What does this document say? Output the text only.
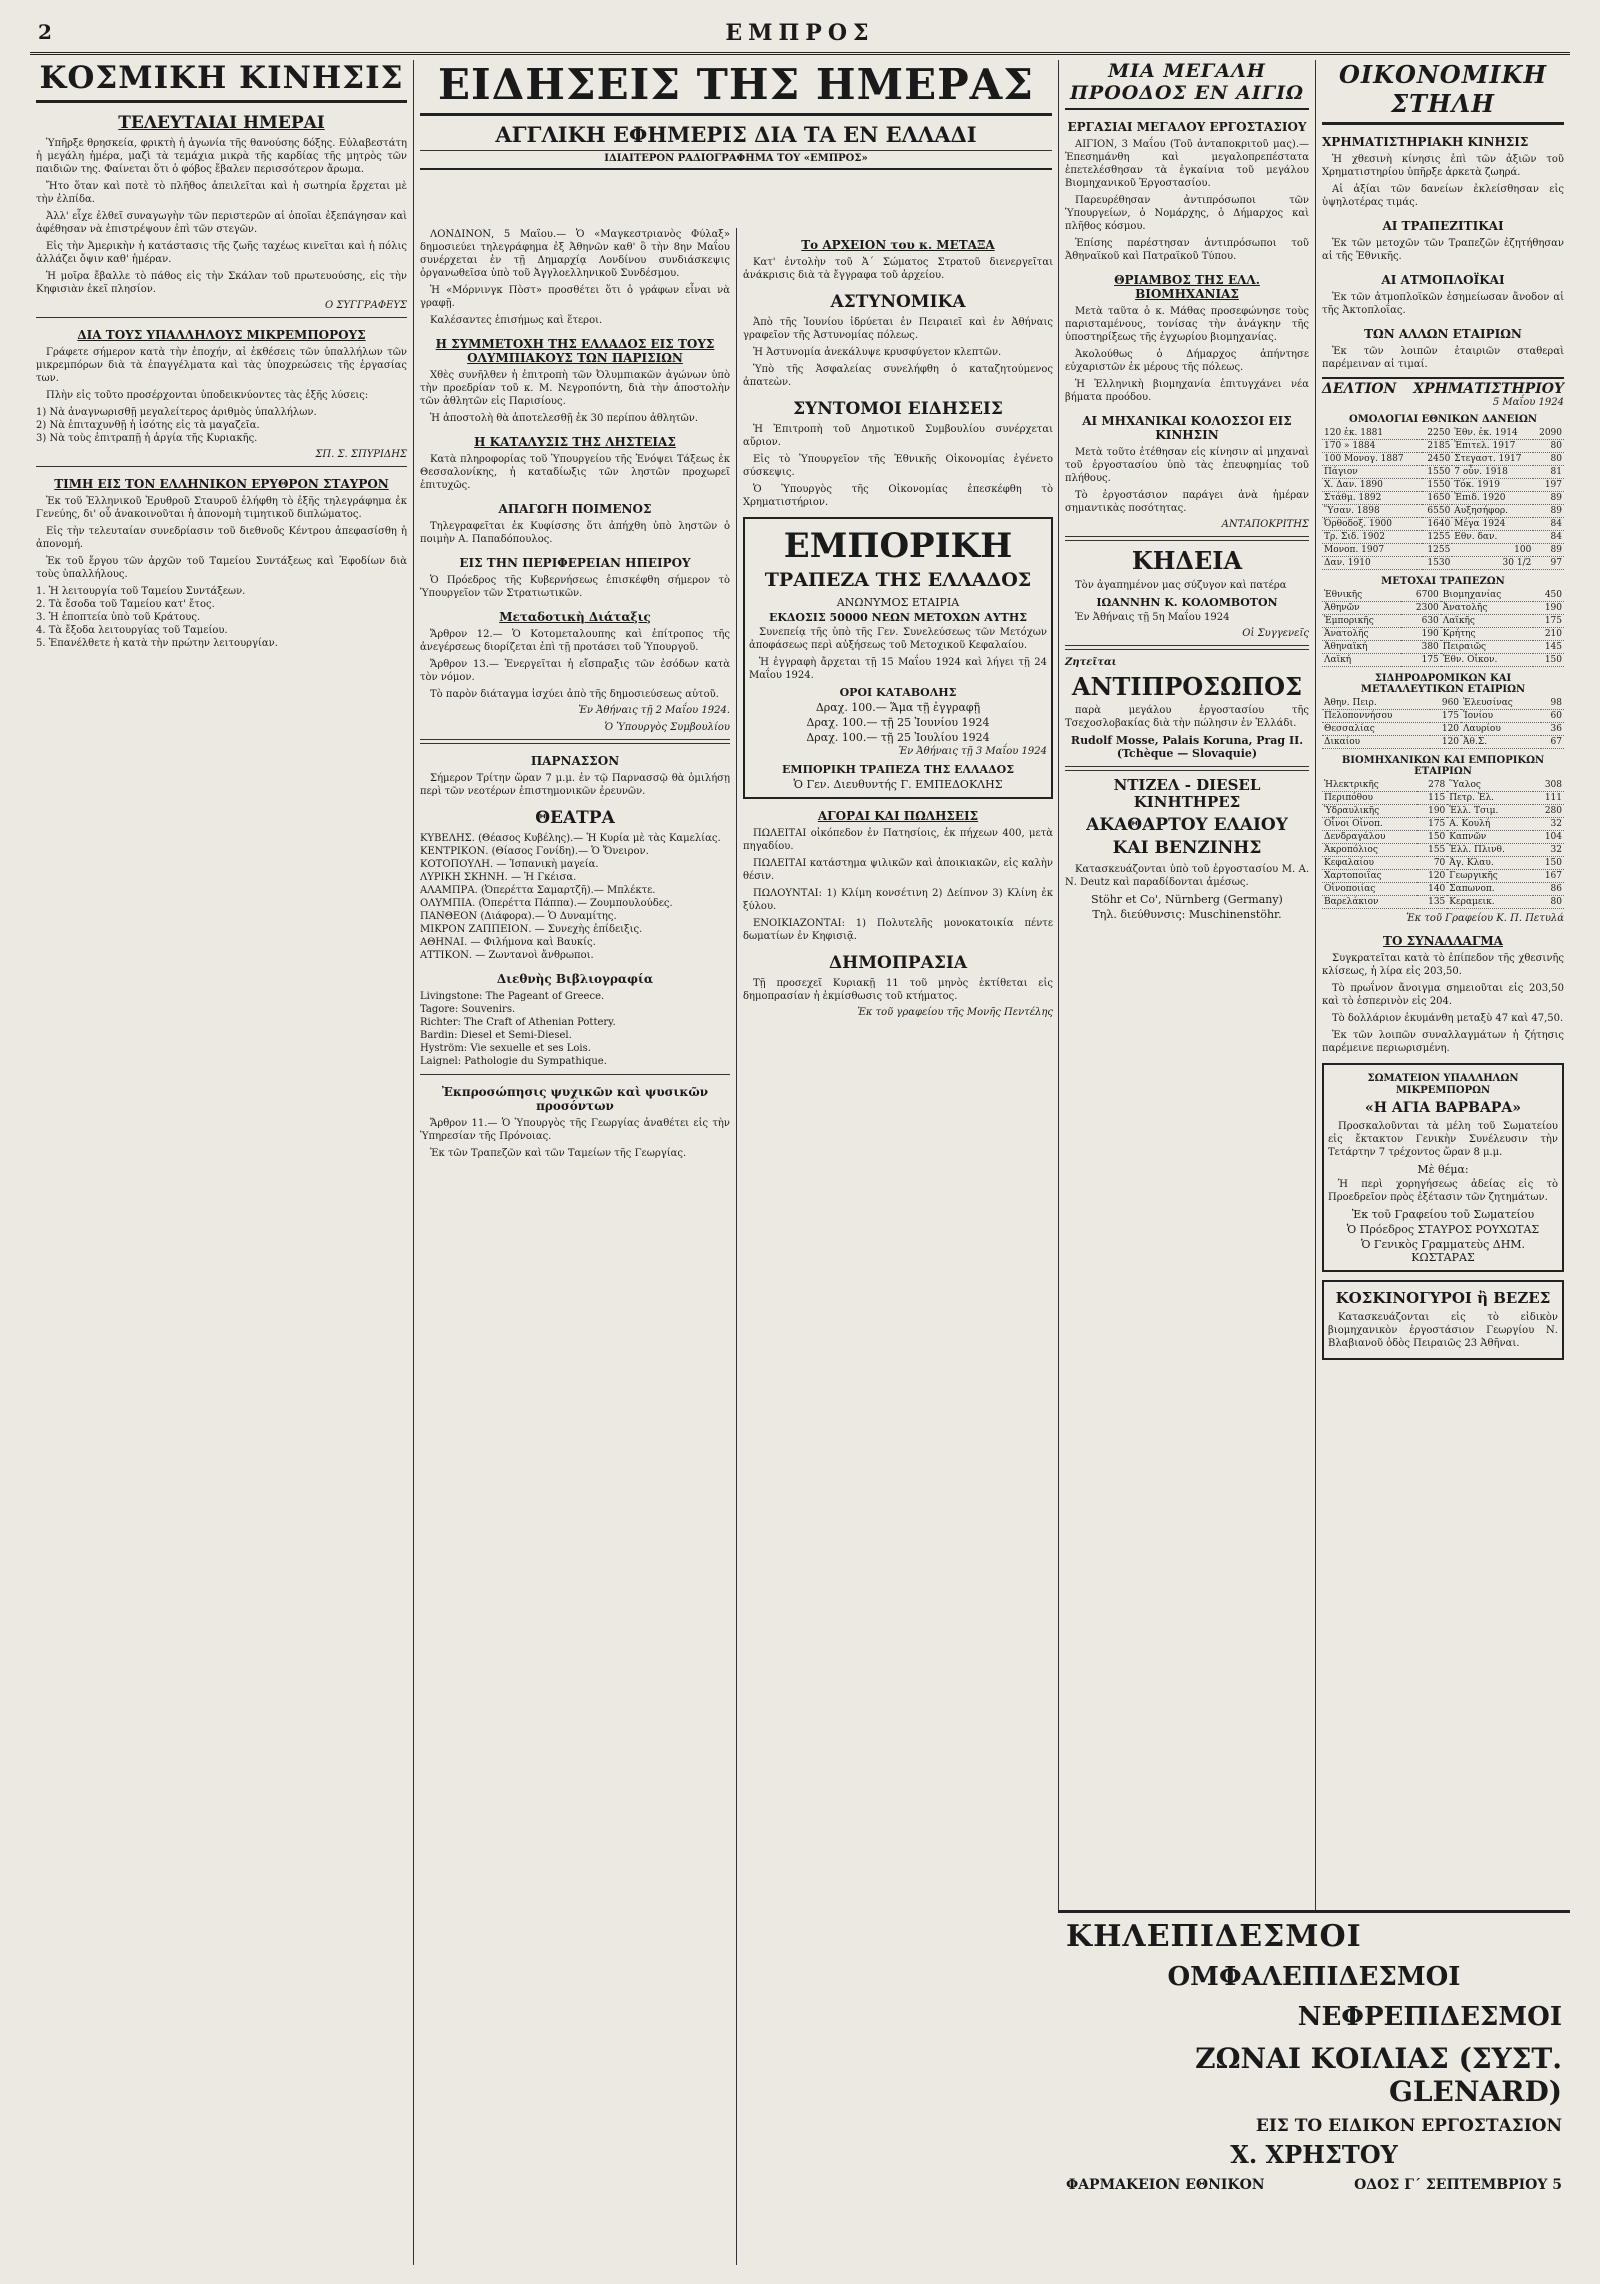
2	ΕΜΠΡΟΣ
ΚΟΣΜΙΚΗ ΚΙΝΗΣΙΣ
ΤΕΛΕΥΤΑΙΑΙ ΗΜΕΡΑΙ

Ὑπῆρξε θρησκεία, φρικτὴ ἡ ἀγωνία τῆς θανούσης δόξης. Εὐλαβεστάτη ἡ μεγάλη ἡμέρα, μαζὶ τὰ τεμάχια μικρὰ τῆς καρδίας τῆς μητρὸς τῶν παιδιῶν της. Φαίνεται ὅτι ὁ φόβος ἔβαλεν περισσότερον ἄρωμα.

Ἤτο ὅταν καὶ ποτὲ τὸ πλῆθος ἀπειλεῖται καὶ ἡ σωτηρία ἔρχεται μὲ τὴν ἐλπίδα.

Ἀλλ' εἶχε ἐλθεῖ συναγωγὴν τῶν περιστερῶν αἱ ὁποῖαι ἐξεπάγησαν καὶ ἀφέθησαν νὰ ἐπιστρέψουν ἐπὶ τῶν στεγῶν.

Εἰς τὴν Ἀμερικὴν ἡ κατάστασις τῆς ζωῆς ταχέως κινεῖται καὶ ἡ πόλις ἀλλάζει ὄψιν καθ' ἡμέραν.

Ἡ μοῖρα ἔβαλλε τὸ πάθος εἰς τὴν Σκάλαν τοῦ πρωτευούσης, εἰς τὴν Κηφισιὰν ἐκεῖ πλησίον.

Ο ΣΥΓΓΡΑΦΕΥΣ
ΔΙΑ ΤΟΥΣ ΥΠΑΛΛΗΛΟΥΣ ΜΙΚΡΕΜΠΟΡΟΥΣ

Γράφετε σήμερον κατὰ τὴν ἐποχήν, αἱ ἐκθέσεις τῶν ὑπαλλήλων τῶν μικρεμπόρων διὰ τὰ ἐπαγγέλματα καὶ τὰς ὑποχρεώσεις τῆς ἐργασίας των.

Πλὴν εἰς τοῦτο προσέρχονται ὑποδεικνύοντες τὰς ἐξῆς λύσεις:

1) Νὰ ἀναγνωρισθῇ μεγαλείτερος ἀριθμὸς ὑπαλλήλων.
2) Νὰ ἐπιταχυνθῇ ἡ ἰσότης εἰς τὰ μαγαζεῖα.
3) Νὰ τοὺς ἐπιτραπῇ ἡ ἀργία τῆς Κυριακῆς.
ΣΠ. Σ. ΣΠΥΡΙΔΗΣ
ΤΙΜΗ ΕΙΣ ΤΟΝ ΕΛΛΗΝΙΚΟΝ ΕΡΥΘΡΟΝ ΣΤΑΥΡΟΝ

Ἐκ τοῦ Ἑλληνικοῦ Ἐρυθροῦ Σταυροῦ ἐλήφθη τὸ ἐξῆς τηλεγράφημα ἐκ Γενεύης, δι' οὗ ἀνακοινοῦται ἡ ἀπονομὴ τιμητικοῦ διπλώματος.

Εἰς τὴν τελευταίαν συνεδρίασιν τοῦ διεθνοῦς Κέντρου ἀπεφασίσθη ἡ ἀπονομή.

Ἐκ τοῦ ἔργου τῶν ἀρχῶν τοῦ Ταμείου Συντάξεως καὶ Ἐφοδίων διὰ τοὺς ὑπαλλήλους.

1. Ἡ λειτουργία τοῦ Ταμείου Συντάξεων.
2. Τὰ ἔσοδα τοῦ Ταμείου κατ' ἔτος.
3. Ἡ ἐποπτεία ὑπὸ τοῦ Κράτους.
4. Τὰ ἔξοδα λειτουργίας τοῦ Ταμείου.
5. Ἐπανέλθετε ἡ κατὰ τὴν πρώτην λειτουργίαν.
ΕΙΔΗΣΕΙΣ ΤΗΣ ΗΜΕΡΑΣ
ΑΓΓΛΙΚΗ ΕΦΗΜΕΡΙΣ ΔΙΑ ΤΑ ΕΝ ΕΛΛΑΔΙ
ΙΔΙΑΙΤΕΡΟΝ ΡΑΔΙΟΓΡΑΦΗΜΑ ΤΟΥ «ΕΜΠΡΟΣ»

ΛΟΝΔΙΝΟΝ, 5 Μαΐου.— Ὁ «Μαγκεστριανὸς Φύλαξ» δημοσιεύει τηλεγράφημα ἐξ Ἀθηνῶν καθ' ὃ τὴν 8ην Μαΐου συνέρχεται ἐν τῇ Δημαρχίᾳ Λονδίνου συνδιάσκεψις ὀργανωθεῖσα ὑπὸ τοῦ Ἀγγλοελληνικοῦ Συνδέσμου.

Ἡ «Μόρνινγκ Πὸστ» προσθέτει ὅτι ὁ γράφων εἶναι νὰ γραφῇ.

Καλέσαντες ἐπισήμως καὶ ἕτεροι.

Η ΣΥΜΜΕΤΟΧΗ ΤΗΣ ΕΛΛΑΔΟΣ ΕΙΣ ΤΟΥΣ ΟΛΥΜΠΙΑΚΟΥΣ ΤΩΝ ΠΑΡΙΣΙΩΝ

Χθὲς συνῆλθεν ἡ ἐπιτροπὴ τῶν Ὀλυμπιακῶν ἀγώνων ὑπὸ τὴν προεδρίαν τοῦ κ. Μ. Νεγροπόντη, διὰ τὴν ἀποστολὴν τῶν ἀθλητῶν εἰς Παρισίους.

Ἡ ἀποστολὴ θὰ ἀποτελεσθῇ ἐκ 30 περίπου ἀθλητῶν.

Η ΚΑΤΑΛΥΣΙΣ ΤΗΣ ΛΗΣΤΕΙΑΣ

Κατὰ πληροφορίας τοῦ Ὑπουργείου τῆς Ἐνόψει Τάξεως ἐκ Θεσσαλονίκης, ἡ καταδίωξις τῶν ληστῶν προχωρεῖ ἐπιτυχῶς.

ΑΠΑΓΩΓΗ ΠΟΙΜΕΝΟΣ

Τηλεγραφεῖται ἐκ Κυφίσσης ὅτι ἀπήχθη ὑπὸ ληστῶν ὁ ποιμὴν Α. Παπαδόπουλος.

ΕΙΣ ΤΗΝ ΠΕΡΙΦΕΡΕΙΑΝ ΗΠΕΙΡΟΥ

Ὁ Πρόεδρος τῆς Κυβερνήσεως ἐπισκέφθη σήμερον τὸ Ὑπουργεῖον τῶν Στρατιωτικῶν.

Μεταδοτικὴ Διάταξις

Ἄρθρον 12.— Ὁ Κοτομεταλουπης καὶ ἐπίτροπος τῆς ἀνεγέρσεως διορίζεται ἐπὶ τῇ προτάσει τοῦ Ὑπουργοῦ.

Ἄρθρον 13.— Ἐνεργεῖται ἡ εἴσπραξις τῶν ἐσόδων κατὰ τὸν νόμον.

Τὸ παρὸν διάταγμα ἰσχύει ἀπὸ τῆς δημοσιεύσεως αὐτοῦ.

Ἐν Ἀθήναις τῇ 2 Μαΐου 1924.
Ὁ Ὑπουργὸς Συμβουλίου
ΠΑΡΝΑΣΣΟΝ

Σήμερον Τρίτην ὥραν 7 μ.μ. ἐν τῷ Παρνασσῷ θὰ ὁμιλήσῃ περὶ τῶν νεοτέρων ἐπιστημονικῶν ἐρευνῶν.

ΘΕΑΤΡΑ
ΚΥΒΕΛΗΣ. (Θέασος Κυβέλης).— Ἡ Κυρία μὲ τὰς Καμελίας.
ΚΕΝΤΡΙΚΟΝ. (Θίασος Γονίδη).— Ὁ Ὄνειρον.
ΚΟΤΟΠΟΥΛΗ. — Ἰσπανικὴ μαγεία.
ΛΥΡΙΚΗ ΣΚΗΝΗ. — Ἡ Γκέισα.
ΑΛΑΜΠΡΑ. (Ὀπερέττα Σαμαρτζῆ).— Μπλέκτε.
ΟΛΥΜΠΙΑ. (Ὀπερέττα Πάππα).— Ζουμπουλούδες.
ΠΑΝΘΕΟΝ (Διάφορα).— Ὁ Δυναμίτης.
ΜΙΚΡΟΝ ΖΑΠΠΕΙΟΝ. — Συνεχὴς ἐπίδειξις.
ΑΘΗΝΑΙ. — Φιλήμονα καὶ Βαυκίς.
ΑΤΤΙΚΟΝ. — Ζωντανοὶ ἄνθρωποι.
Διεθνὴς Βιβλιογραφία
Livingstone: The Pageant of Greece.
Tagore: Souvenirs.
Richter: The Craft of Athenian Pottery.
Bardin: Diesel et Semi-Diesel.
Hyström: Vie sexuelle et ses Lois.
Laignel: Pathologie du Sympathique.
Ἐκπροσώπησις ψυχικῶν καὶ ψυσικῶν προσόντων

Ἄρθρον 11.— Ὁ Ὑπουργὸς τῆς Γεωργίας ἀναθέτει εἰς τὴν Ὑπηρεσίαν τῆς Πρόνοιας.

Ἐκ τῶν Τραπεζῶν καὶ τῶν Ταμείων τῆς Γεωργίας.

Το ΑΡΧΕΙΟΝ του κ. ΜΕΤΑΞΑ

Κατ' ἐντολὴν τοῦ Ἀ΄ Σώματος Στρατοῦ διενεργεῖται ἀνάκρισις διὰ τὰ ἔγγραφα τοῦ ἀρχείου.

ΑΣΤΥΝΟΜΙΚΑ

Ἀπὸ τῆς Ἰουνίου ἰδρύεται ἐν Πειραιεῖ καὶ ἐν Ἀθήναις γραφεῖον τῆς Ἀστυνομίας πόλεως.

Ἡ Ἀστυνομία ἀνεκάλυψε κρυσφύγετον κλεπτῶν.

Ὑπὸ τῆς Ἀσφαλείας συνελήφθη ὁ καταζητούμενος ἀπατεὼν.

ΣΥΝΤΟΜΟΙ ΕΙΔΗΣΕΙΣ

Ἡ Ἐπιτροπὴ τοῦ Δημοτικοῦ Συμβουλίου συνέρχεται αὔριον.

Εἰς τὸ Ὑπουργεῖον τῆς Ἐθνικῆς Οἰκονομίας ἐγένετο σύσκεψις.

Ὁ Ὑπουργὸς τῆς Οἰκονομίας ἐπεσκέφθη τὸ Χρηματιστήριον.

ΕΜΠΟΡΙΚΗ
ΤΡΑΠΕΖΑ ΤΗΣ ΕΛΛΑΔΟΣ
ΑΝΩΝΥΜΟΣ ΕΤΑΙΡΙΑ
ΕΚΔΟΣΙΣ 50000 ΝΕΩΝ ΜΕΤΟΧΩΝ ΑΥΤΗΣ

Συνεπείᾳ τῆς ὑπὸ τῆς Γεν. Συνελεύσεως τῶν Μετόχων ἀποφάσεως περὶ αὐξήσεως τοῦ Μετοχικοῦ Κεφαλαίου.

Ἡ ἐγγραφὴ ἄρχεται τῇ 15 Μαΐου 1924 καὶ λήγει τῇ 24 Μαΐου 1924.

ΟΡΟΙ ΚΑΤΑΒΟΛΗΣ
Δραχ. 100.— Ἅμα τῇ ἐγγραφῇ
Δραχ. 100.— τῇ 25 Ἰουνίου 1924
Δραχ. 100.— τῇ 25 Ἰουλίου 1924
Ἐν Ἀθήναις τῇ 3 Μαΐου 1924
ΕΜΠΟΡΙΚΗ ΤΡΑΠΕΖΑ ΤΗΣ ΕΛΛΑΔΟΣ
Ὁ Γεν. Διευθυντής Γ. ΕΜΠΕΔΟΚΛΗΣ
ΑΓΟΡΑΙ ΚΑΙ ΠΩΛΗΣΕΙΣ

ΠΩΛΕΙΤΑΙ οἰκόπεδον ἐν Πατησίοις, ἐκ πήχεων 400, μετὰ πηγαδίου.

ΠΩΛΕΙΤΑΙ κατάστημα ψιλικῶν καὶ ἀποικιακῶν, εἰς καλὴν θέσιν.

ΠΩΛΟΥΝΤΑΙ: 1) Κλίμη κονσέτινη 2) Δείπνον 3) Κλίνη ἐκ ξύλου.

ΕΝΟΙΚΙΑΖΟΝΤΑΙ: 1) Πολυτελῆς μονοκατοικία πέντε δωματίων ἐν Κηφισιᾷ.

ΔΗΜΟΠΡΑΣΙΑ

Τῇ προσεχεῖ Κυριακῇ 11 τοῦ μηνὸς ἐκτίθεται εἰς δημοπρασίαν ἡ ἐκμίσθωσις τοῦ κτήματος.

Ἐκ τοῦ γραφείου τῆς Μονῆς Πεντέλης
ΜΙΑ ΜΕΓΑΛΗ ΠΡΟΟΔΟΣ ΕΝ ΑΙΓΙΩ
ΕΡΓΑΣΙΑΙ ΜΕΓΑΛΟΥ ΕΡΓΟΣΤΑΣΙΟΥ

ΑΙΓΙΟΝ, 3 Μαΐου (Τοῦ ἀνταποκριτοῦ μας).— Ἐπεσημάνθη καὶ μεγαλοπρεπέστατα ἐπετελέσθησαν τὰ ἐγκαίνια τοῦ μεγάλου Βιομηχανικοῦ Ἐργοστασίου.

Παρευρέθησαν ἀντιπρόσωποι τῶν Ὑπουργείων, ὁ Νομάρχης, ὁ Δήμαρχος καὶ πλῆθος κόσμου.

Ἐπίσης παρέστησαν ἀντιπρόσωποι τοῦ Ἀθηναϊκοῦ καὶ Πατραϊκοῦ Τύπου.

ΘΡΙΑΜΒΟΣ ΤΗΣ ΕΛΛ. ΒΙΟΜΗΧΑΝΙΑΣ

Μετὰ ταῦτα ὁ κ. Μάθας προσεφώνησε τοὺς παρισταμένους, τονίσας τὴν ἀνάγκην τῆς ὑποστηρίξεως τῆς ἐγχωρίου βιομηχανίας.

Ἀκολούθως ὁ Δήμαρχος ἀπήντησε εὐχαριστῶν ἐκ μέρους τῆς πόλεως.

Ἡ Ἑλληνικὴ βιομηχανία ἐπιτυγχάνει νέα βήματα προόδου.

ΑΙ ΜΗΧΑΝΙΚΑΙ ΚΟΛΟΣΣΟΙ ΕΙΣ ΚΙΝΗΣΙΝ

Μετὰ τοῦτο ἐτέθησαν εἰς κίνησιν αἱ μηχαναὶ τοῦ ἐργοστασίου ὑπὸ τὰς ἐπευφημίας τοῦ πλήθους.

Τὸ ἐργοστάσιον παράγει ἀνὰ ἡμέραν σημαντικὰς ποσότητας.

ΑΝΤΑΠΟΚΡΙΤΗΣ
ΚΗΔΕΙΑ

Τὸν ἀγαπημένον μας σύζυγον καὶ πατέρα

ΙΩΑΝΝΗΝ Κ. ΚΟΛΟΜΒΟΤΟΝ

Ἐν Ἀθήναις τῇ 5η Μαΐου 1924

Οἱ Συγγενεῖς
Ζητεῖται
ΑΝΤΙΠΡΟΣΩΠΟΣ

παρὰ μεγάλου ἐργοστασίου τῆς Τσεχοσλοβακίας διὰ τὴν πώλησιν ἐν Ἑλλάδι.

Rudolf Mosse, Palais Koruna, Prag II. (Tchèque — Slovaquie)
ΝΤΙΖΕΛ - DIESEL ΚΙΝΗΤΗΡΕΣ
ΑΚΑΘΑΡΤΟΥ ΕΛΑΙΟΥ
ΚΑΙ ΒΕΝΖΙΝΗΣ

Κατασκευάζονται ὑπὸ τοῦ ἐργοστασίου Μ. Α. Ν. Deutz καὶ παραδίδονται ἀμέσως.

Stöhr et Co', Nürnberg (Germany)
Τηλ. διεύθυνσις: Muschinenstöhr.
ΟΙΚΟΝΟΜΙΚΗ ΣΤΗΛΗ
ΧΡΗΜΑΤΙΣΤΗΡΙΑΚΗ ΚΙΝΗΣΙΣ

Ἡ χθεσινὴ κίνησις ἐπὶ τῶν ἀξιῶν τοῦ Χρηματιστηρίου ὑπῆρξε ἀρκετὰ ζωηρά.

Αἱ ἀξίαι τῶν δανείων ἐκλείσθησαν εἰς ὑψηλοτέρας τιμάς.

ΑΙ ΤΡΑΠΕΖΙΤΙΚΑΙ

Ἐκ τῶν μετοχῶν τῶν Τραπεζῶν ἐζητήθησαν αἱ τῆς Ἐθνικῆς.

ΑΙ ΑΤΜΟΠΛΟΪΚΑΙ

Ἐκ τῶν ἀτμοπλοϊκῶν ἐσημείωσαν ἄνοδον αἱ τῆς Ἀκτοπλοΐας.

ΤΩΝ ΑΛΛΩΝ ΕΤΑΙΡΙΩΝ

Ἐκ τῶν λοιπῶν ἐταιριῶν σταθεραὶ παρέμειναν αἱ τιμαί.

ΔΕΛΤΙΟΝ ΧΡΗΜΑΤΙΣΤΗΡΙΟΥ
5 Μαΐου 1924
ΟΜΟΛΟΓΙΑΙ ΕΘΝΙΚΩΝ ΔΑΝΕΙΩΝ
120 ἑκ. 1881		2250	Ἐθν. ἑκ. 1914	2090
170 » 1884		2185	Ἐπιτελ. 1917	80
100 Μονογ. 1887		2450	Στεγαστ. 1917	80
Πάγιον		1550	7 οὖν. 1918	81
Χ. Δαν. 1890		1550	Τόκ. 1919	197
Στάθμ. 1892		1650	Ἐπιδ. 1920	89
Ὕσαν. 1898		6550	Αυξησήφορ.	89
Ὀρθοδοξ. 1900		1640	Μέγα 1924	84
Τρ. Σιδ. 1902		1255	Εθν. δαν.	84
Μονοπ. 1907		1255	100	89
Δαν. 1910		1530	30 1/2	97
ΜΕΤΟΧΑΙ ΤΡΑΠΕΖΩΝ
Ἐθνικῆς	6700	Βιομηχανίας	450
Ἀθηνῶν	2300	Ἀνατολῆς	190
Ἐμπορικῆς	630	Λαϊκῆς	175
Ἀνατολῆς	190	Κρήτης	210
Ἀθηναϊκή	380	Πειραιῶς	145
Λαϊκή	175	Ἐθν. Οἰκον.	150
ΣΙΔΗΡΟΔΡΟΜΙΚΩΝ ΚΑΙ ΜΕΤΑΛΛΕΥΤΙΚΩΝ ΕΤΑΙΡΙΩΝ
Ἀθην. Πειρ.	960	Ἐλευσίνας	98
Πελοποννήσου	175	Ἰονίου	60
Θεσσαλίας	120	Λαυρίου	36
Δικαίου	120	Ἀθ.Σ.	67
ΒΙΟΜΗΧΑΝΙΚΩΝ ΚΑΙ ΕΜΠΟΡΙΚΩΝ ΕΤΑΙΡΙΩΝ
Ἠλεκτρικῆς	278	Ὕαλος	308
Περιπόθου	115	Πετρ. Ἐλ.	111
Ὑδραυλικῆς	190	Ἑλλ. Τσιμ.	280
Οἶνοι Οἰνοπ.	175	Α. Κουλή	32
Δενδραγάλου	150	Καπνῶν	104
Ἀκροπόλιος	155	Ἑλλ. Πλινθ.	32
Κεφαλαίου	70	Ἀγ. Κλαυ.	150
Χαρτοποιΐας	120	Γεωργικῆς	167
Οἰνοποιίας	140	Σαπωνοπ.	86
Βαρελάκιον	135	Κεραμεικ.	80
Ἐκ τοῦ Γραφείου Κ. Π. Πετυλά
ΤΟ ΣΥΝΑΛΛΑΓΜΑ

Συγκρατεῖται κατὰ τὸ ἐπίπεδον τῆς χθεσινῆς κλίσεως, ἡ λίρα εἰς 203,50.

Τὸ πρωΐνον ἄνοιγμα σημειοῦται εἰς 203,50 καὶ τὸ ἑσπερινὸν εἰς 204.

Τὸ δολλάριον ἐκυμάνθη μεταξὺ 47 καὶ 47,50.

Ἐκ τῶν λοιπῶν συναλλαγμάτων ἡ ζήτησις παρέμεινε περιωρισμένη.

ΣΩΜΑΤΕΙΟΝ ΥΠΑΛΛΗΛΩΝ ΜΙΚΡΕΜΠΟΡΩΝ
«Η ΑΓΙΑ ΒΑΡΒΑΡΑ»

Προσκαλοῦνται τὰ μέλη τοῦ Σωματείου εἰς ἔκτακτον Γενικὴν Συνέλευσιν τὴν Τετάρτην 7 τρέχοντος ὥραν 8 μ.μ.

Μὲ θέμα:

Ἡ περὶ χορηγήσεως ἀδείας εἰς τὸ Προεδρεῖον πρὸς ἐξέτασιν τῶν ζητημάτων.

Ἐκ τοῦ Γραφείου τοῦ Σωματείου
Ὁ Πρόεδρος ΣΤΑΥΡΟΣ ΡΟΥΧΩΤΑΣ
Ὁ Γενικὸς Γραμματεὺς ΔΗΜ. ΚΩΣΤΑΡΑΣ
ΚΟΣΚΙΝΟΓΥΡΟΙ ἢ ΒΕΖΕΣ

Κατασκευάζονται εἰς τὸ εἰδικὸν βιομηχανικὸν ἐργοστάσιον Γεωργίου Ν. Βλαβιανοῦ ὁδὸς Πειραιῶς 23 Ἀθῆναι.

ΚΗΛΕΠΙΔΕΣΜΟΙ
ΟΜΦΑΛΕΠΙΔΕΣΜΟΙ
ΝΕΦΡΕΠΙΔΕΣΜΟΙ
ΖΩΝΑΙ ΚΟΙΛΙΑΣ (ΣΥΣΤ. GLENARD)
ΕΙΣ ΤΟ ΕΙΔΙΚΟΝ ΕΡΓΟΣΤΑΣΙΟΝ
Χ. ΧΡΗΣΤΟΥ
ΦΑΡΜΑΚΕΙΟΝ ΕΘΝΙΚΟΝ	ΟΔΟΣ Γ΄ ΣΕΠΤΕΜΒΡΙΟΥ 5
